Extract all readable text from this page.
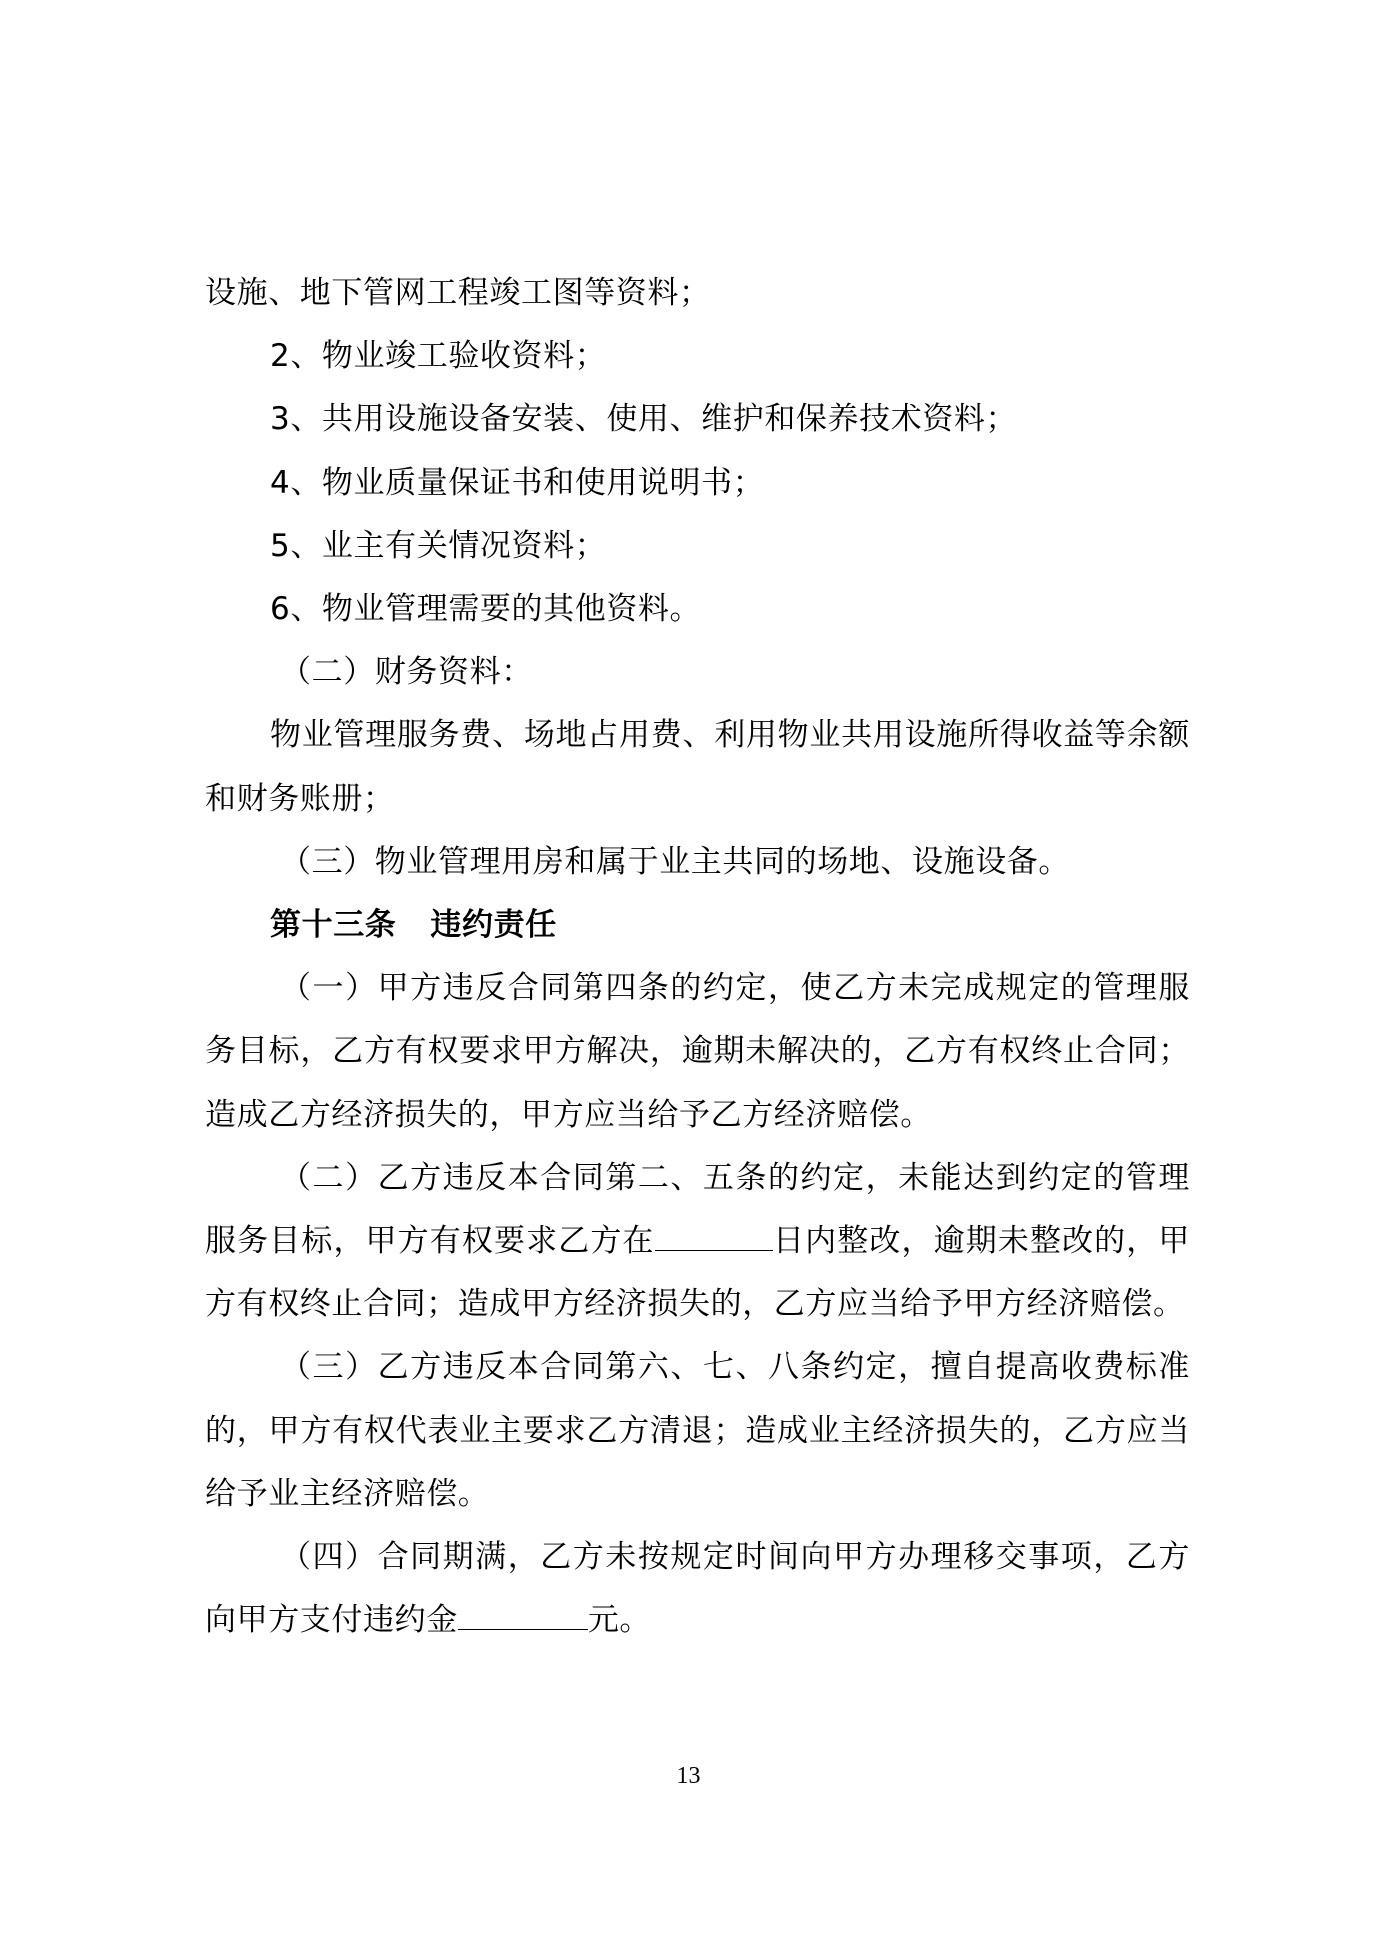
设施、地下管网工程竣工图等资料；

2、物业竣工验收资料；

3、共用设施设备安装、使用、维护和保养技术资料；

4、物业质量保证书和使用说明书；

5、业主有关情况资料；

6、物业管理需要的其他资料。

（二）财务资料：

物业管理服务费、场地占用费、利用物业共用设施所得收益等余额和财务账册；

（三）物业管理用房和属于业主共同的场地、设施设备。

第十三条 违约责任

（一）甲方违反合同第四条的约定，使乙方未完成规定的管理服务目标，乙方有权要求甲方解决，逾期未解决的，乙方有权终止合同；造成乙方经济损失的，甲方应当给予乙方经济赔偿。

（二）乙方违反本合同第二、五条的约定，未能达到约定的管理服务目标，甲方有权要求乙方在	日内整改，逾期未整改的，甲方有权终止合同；造成甲方经济损失的，乙方应当给予甲方经济赔偿。

（三）乙方违反本合同第六、七、八条约定，擅自提高收费标准的，甲方有权代表业主要求乙方清退；造成业主经济损失的，乙方应当给予业主经济赔偿。

（四）合同期满，乙方未按规定时间向甲方办理移交事项，乙方向甲方支付违约金	元。

13
